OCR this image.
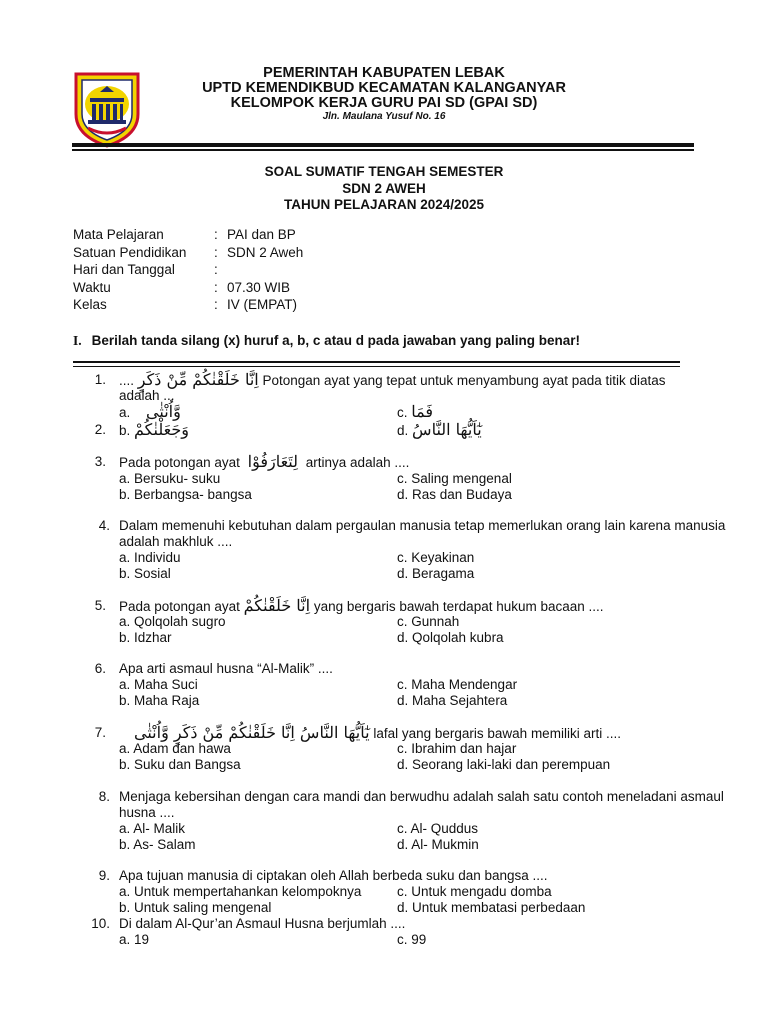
PEMERINTAH KABUPATEN LEBAK
UPTD KEMENDIKBUD KECAMATAN KALANGANYAR
KELOMPOK KERJA GURU PAI SD (GPAI SD)
Jln. Maulana Yusuf No. 16
SOAL SUMATIF TENGAH SEMESTER
SDN 2 AWEH
TAHUN PELAJARAN 2024/2025
Mata Pelajaran	: PAI dan BP
Satuan Pendidikan : SDN 2 Aweh
Hari dan Tanggal	:
Waktu	: 07.30 WIB
Kelas	: IV (EMPAT)
I. Berilah tanda silang (x) huruf a, b, c atau d pada jawaban yang paling benar!
1. .... اِنَّا خَلَقْنٰكُمْ مِّنْ ذَكَرٍ Potongan ayat yang tepat untuk menyambung ayat pada titik diatas
adalah ...
a. وَّاُنْثٰى	c. فَمَا
2. b. وَجَعَلْنٰكُمْ	d. يٰٓاَيُّهَا النَّاسُ
3. Pada potongan ayat لِتَعَارَفُوْا artinya adalah ....
a. Bersuku- suku	c. Saling mengenal
b. Berbangsa- bangsa	d. Ras dan Budaya
4. Dalam memenuhi kebutuhan dalam pergaulan manusia tetap memerlukan orang lain karena manusia
adalah makhluk ....
a. Individu	c. Keyakinan
b. Sosial	d. Beragama
5. Pada potongan ayat اِنَّا خَلَقْنٰكُمْ yang bergaris bawah terdapat hukum bacaan ....
a. Qolqolah sugro	c. Gunnah
b. Idzhar	d. Qolqolah kubra
6. Apa arti asmaul husna “Al-Malik” ....
a. Maha Suci	c. Maha Mendengar
b. Maha Raja	d. Maha Sejahtera
7. يٰٓاَيُّهَا النَّاسُ اِنَّا خَلَقْنٰكُمْ مِّنْ ذَكَرٍ وَّاُنْثٰى lafal yang bergaris bawah memiliki arti ....
a. Adam dan hawa	c. Ibrahim dan hajar
b. Suku dan Bangsa	d. Seorang laki-laki dan perempuan
8. Menjaga kebersihan dengan cara mandi dan berwudhu adalah salah satu contoh meneladani asmaul
husna ....
a. Al- Malik	c. Al- Quddus
b. As- Salam	d. Al- Mukmin
9. Apa tujuan manusia di ciptakan oleh Allah berbeda suku dan bangsa ....
a. Untuk mempertahankan kelompoknya	c. Untuk mengadu domba
b. Untuk saling mengenal	d. Untuk membatasi perbedaan
10. Di dalam Al-Qur’an Asmaul Husna berjumlah ....
a. 19	c. 99
